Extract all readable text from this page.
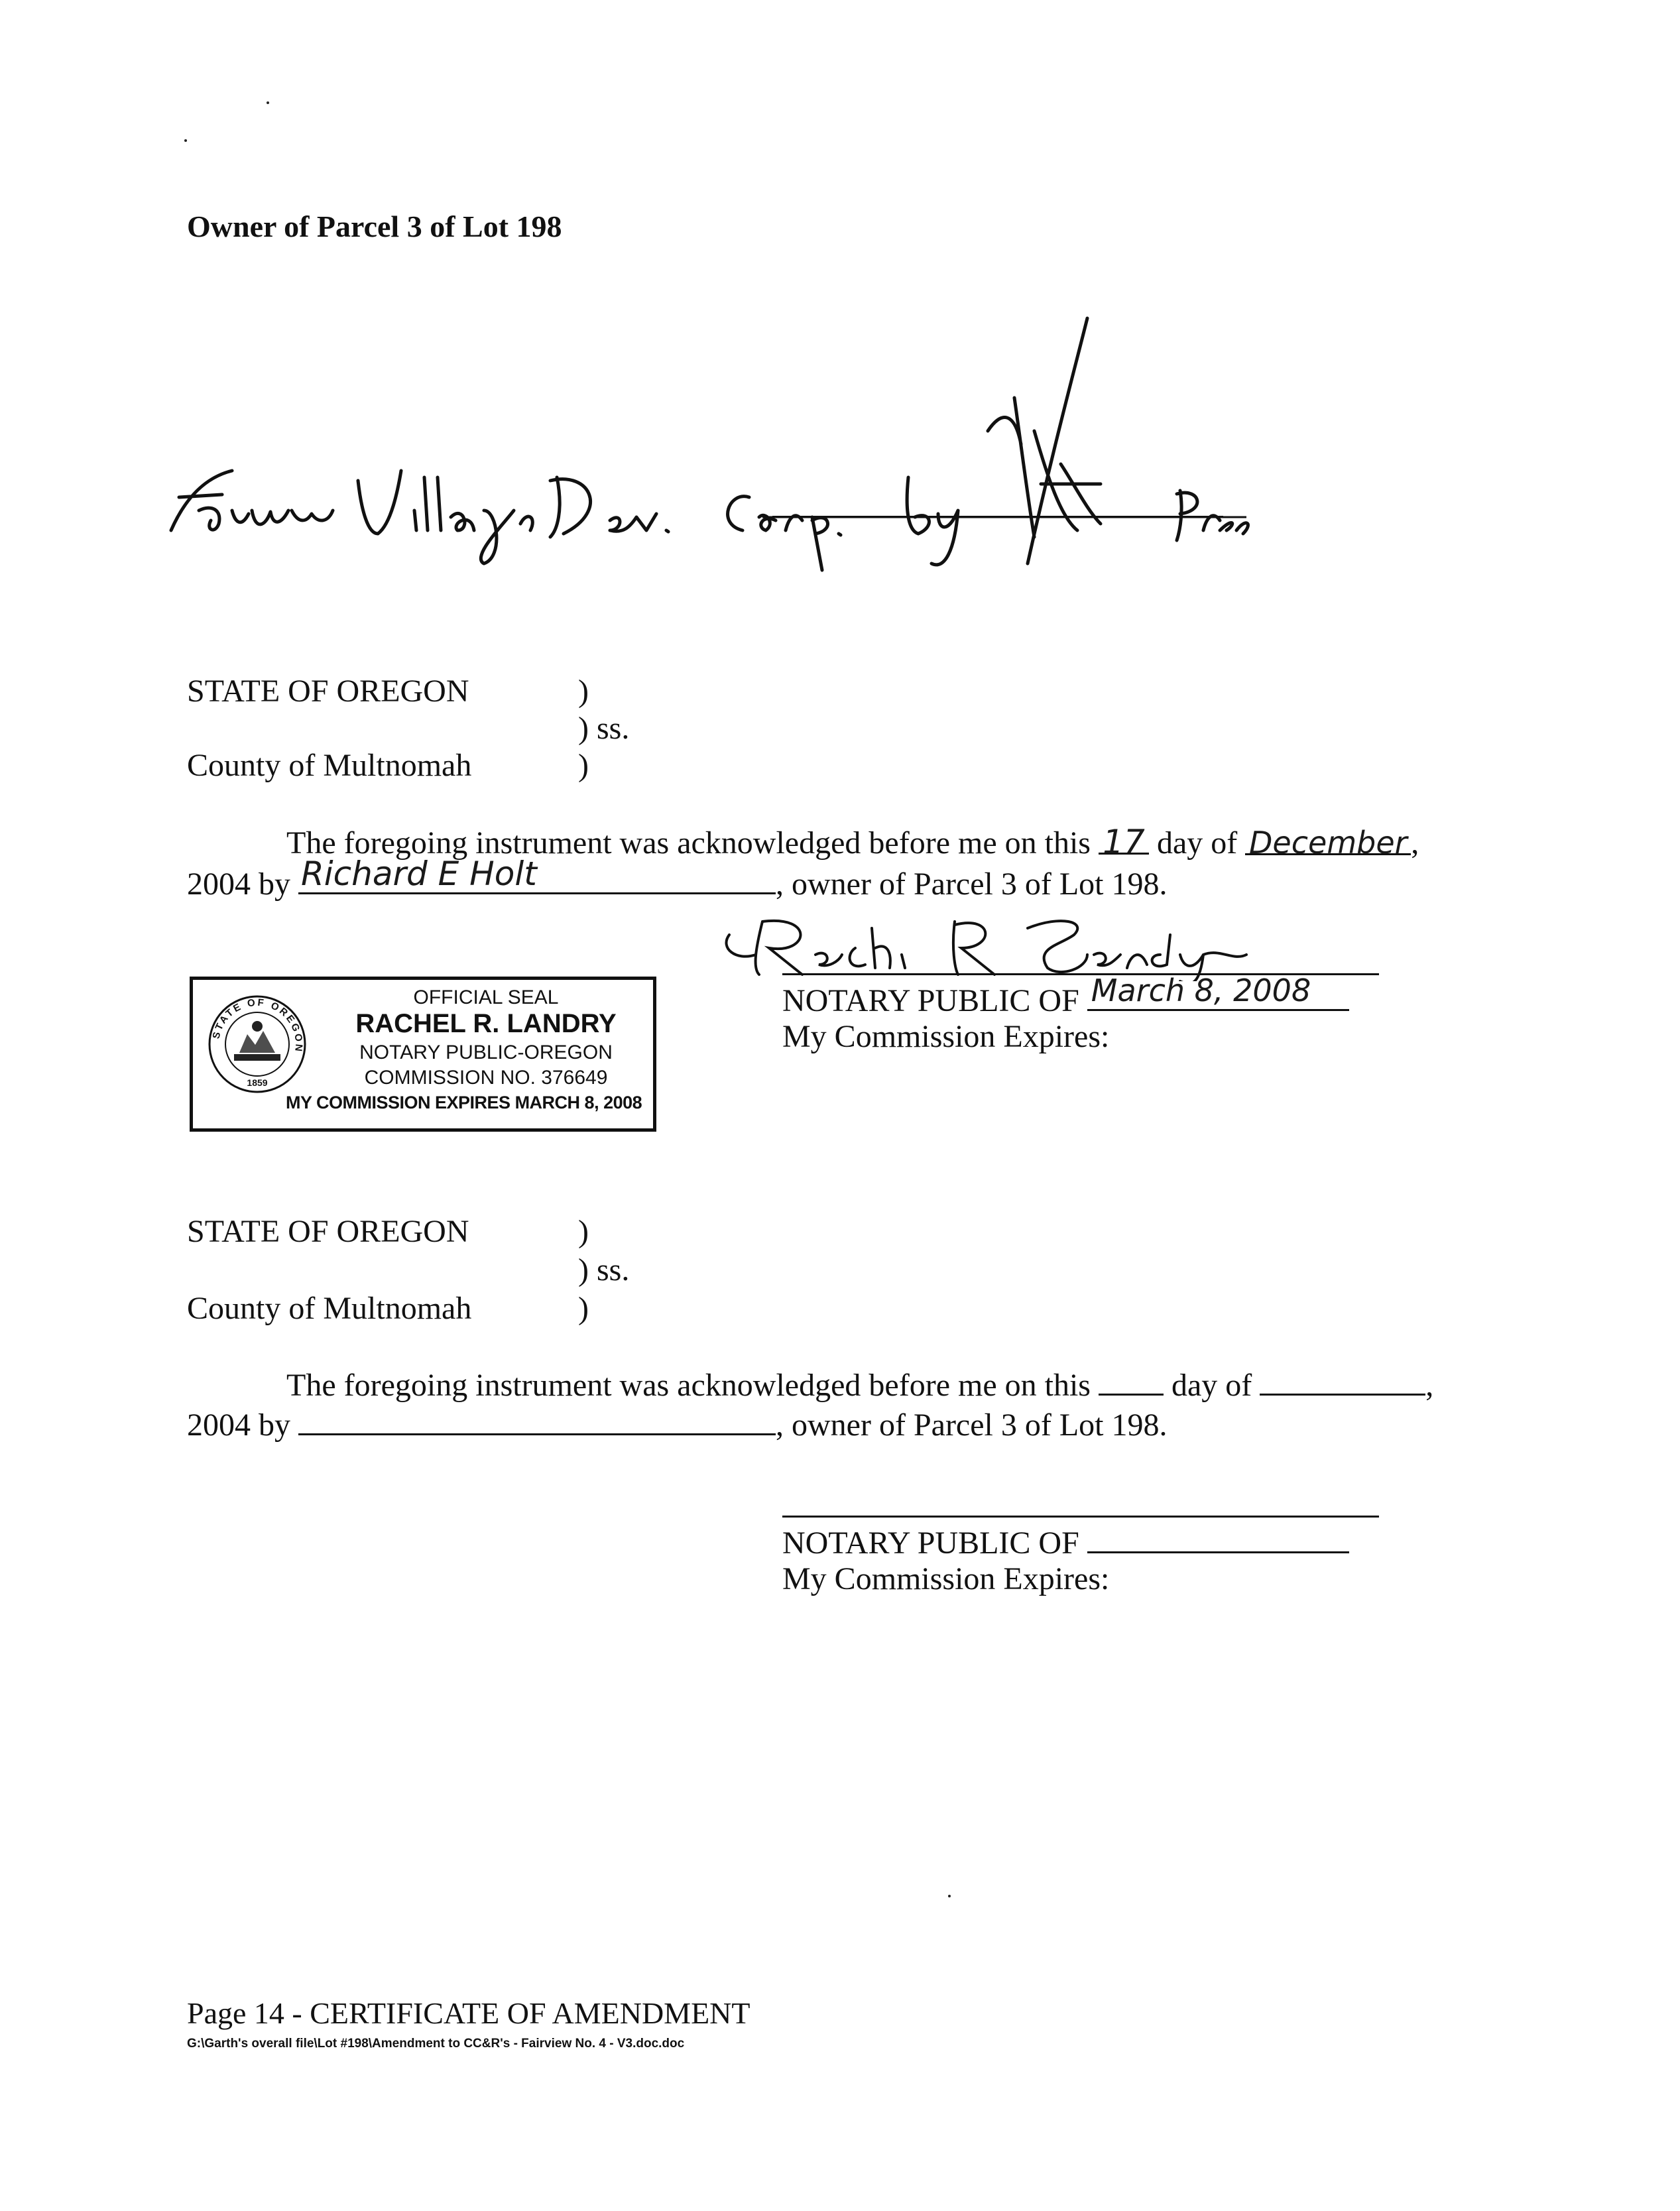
Owner of Parcel 3 of Lot 198
STATE OF OREGON	)
) ss.
County of Multnomah	)
The foregoing instrument was acknowledged before me on this 17 day of December ,
2004 by Richard E Holt	, owner of Parcel 3 of Lot 198.
NOTARY PUBLIC OF March 8, 2008
My Commission Expires:
STATE OF OREGON
1859
OFFICIAL SEAL
RACHEL R. LANDRY
NOTARY PUBLIC-OREGON
COMMISSION NO. 376649
MY COMMISSION EXPIRES MARCH 8, 2008
STATE OF OREGON	)
) ss.
County of Multnomah	)
The foregoing instrument was acknowledged before me on this	day of	,
2004 by	, owner of Parcel 3 of Lot 198.
NOTARY PUBLIC OF
My Commission Expires:
Page 14 - CERTIFICATE OF AMENDMENT
G:\Garth's overall file\Lot #198\Amendment to CC&R's - Fairview No. 4 - V3.doc.doc
